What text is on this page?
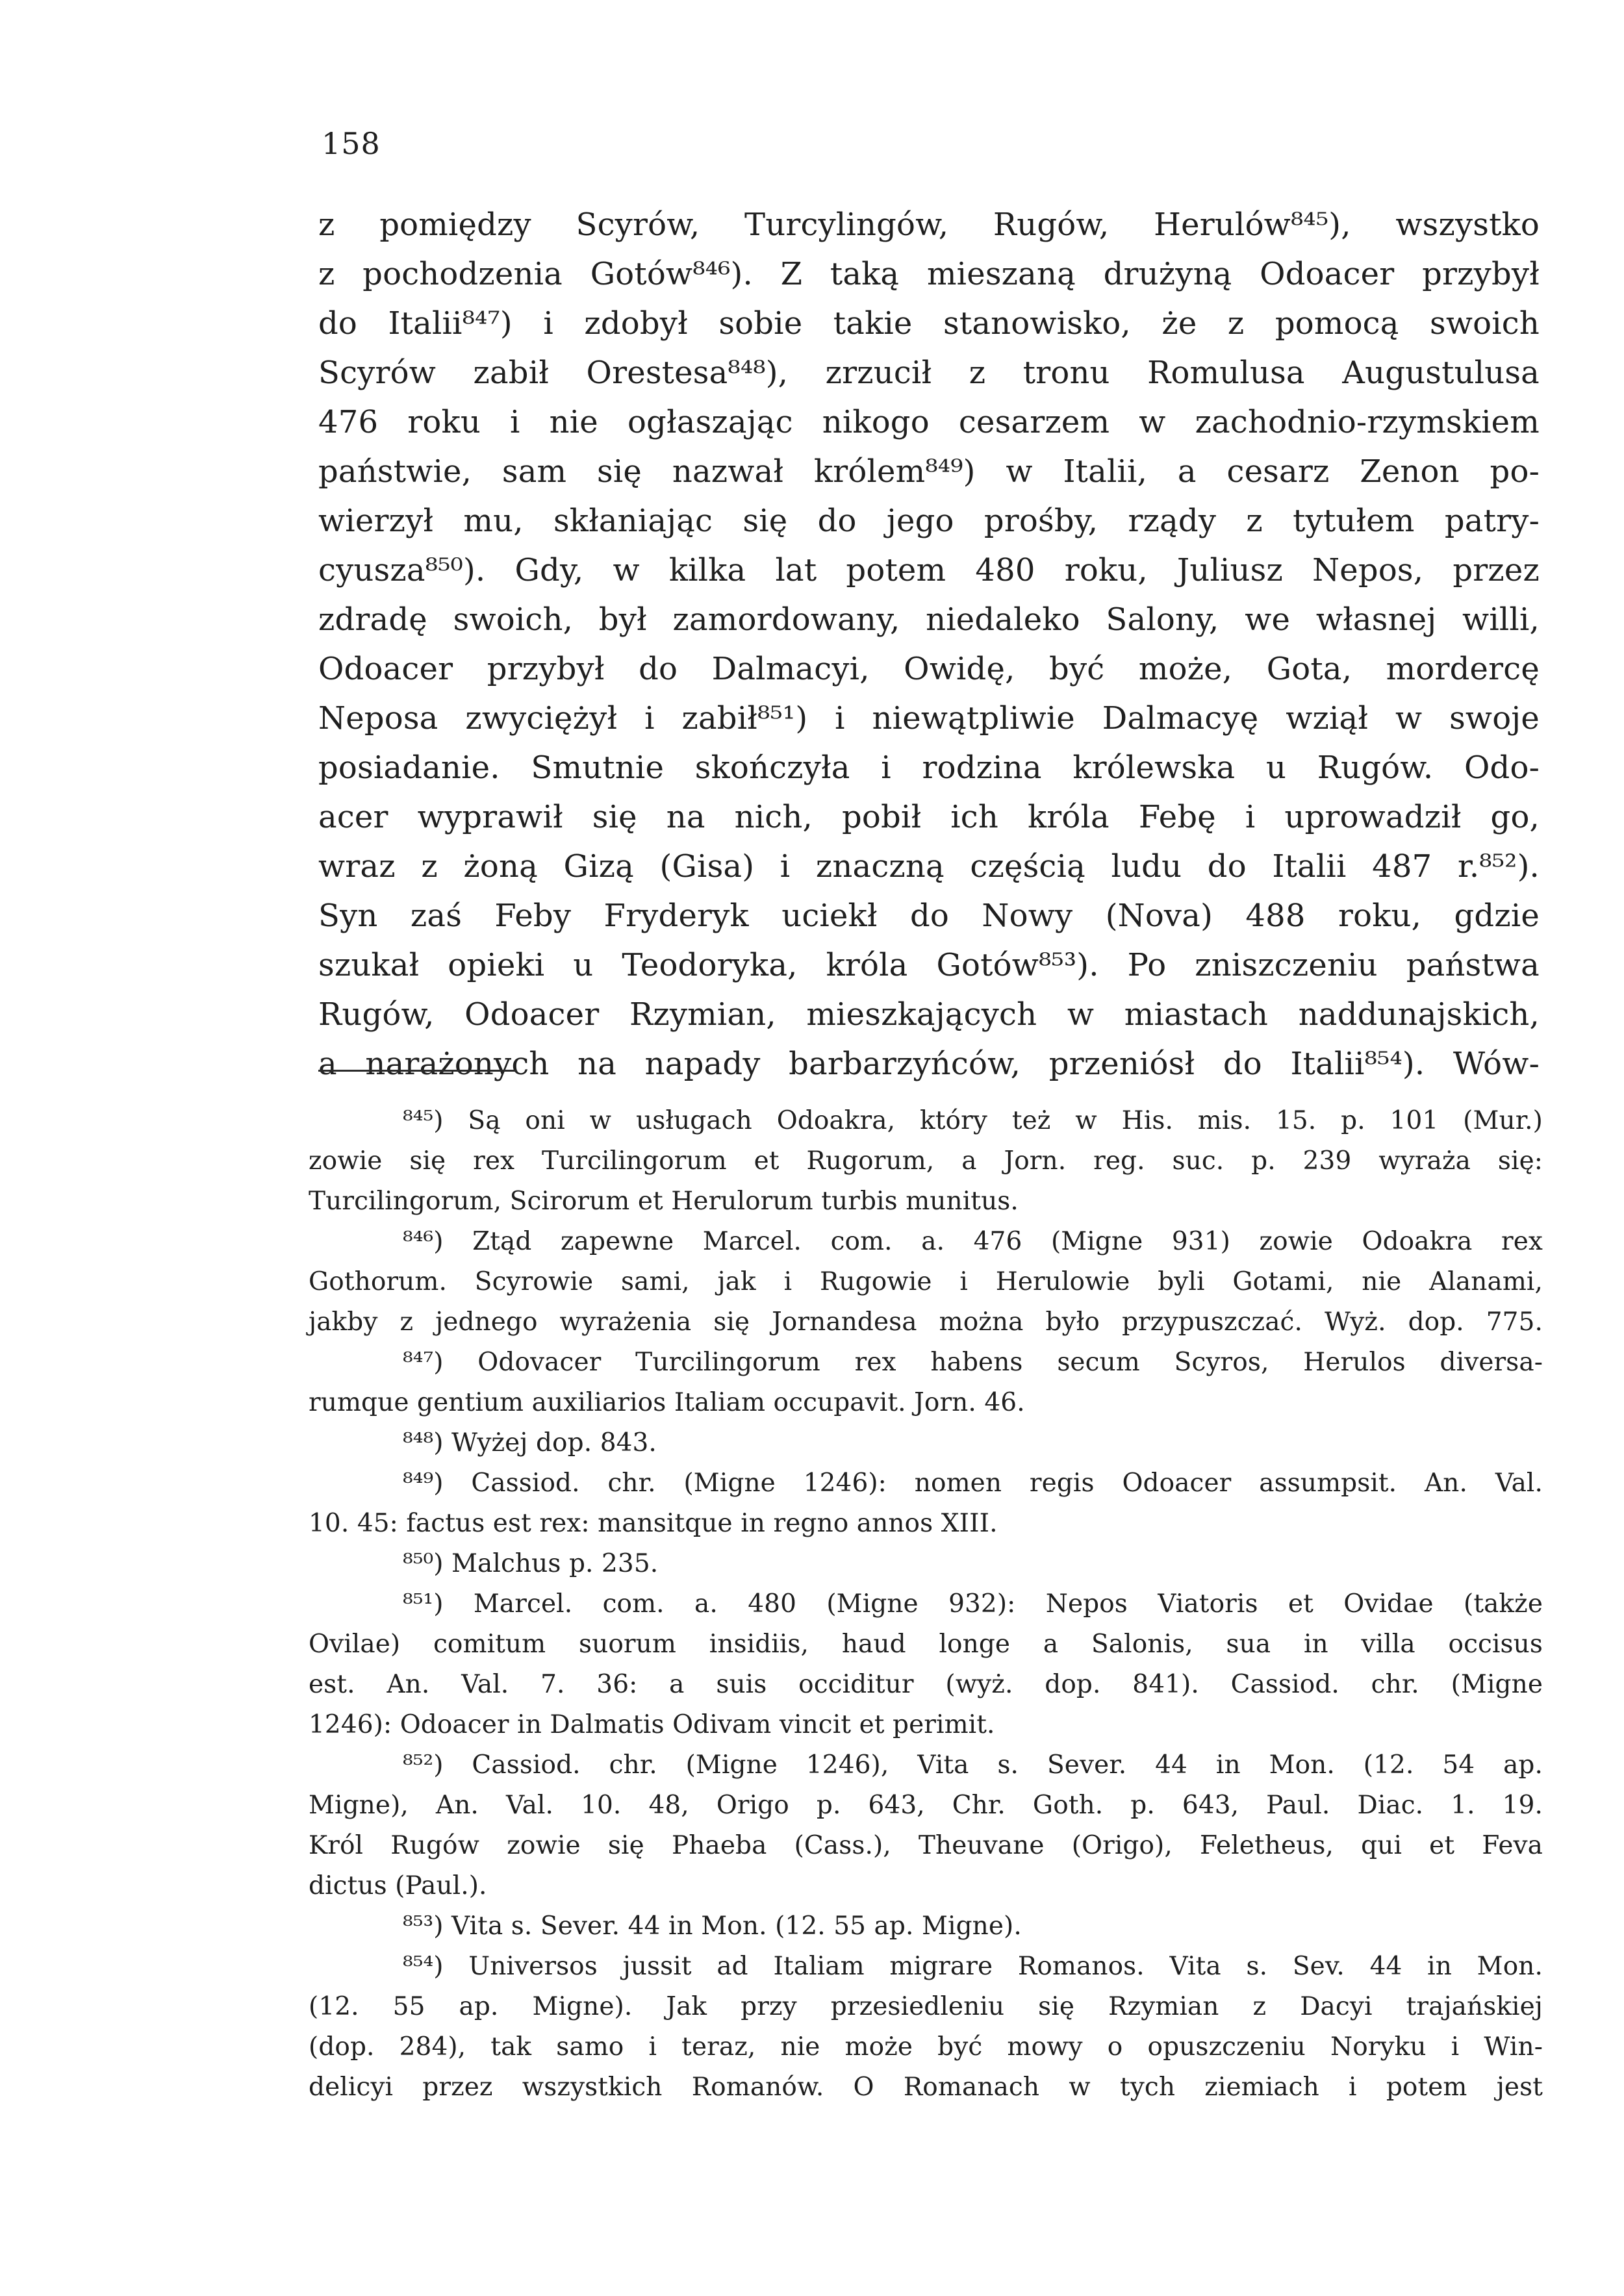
158
z pomiędzy Scyrów, Turcylingów, Rugów, Herulów⁸⁴⁵), wszystko
z pochodzenia Gotów⁸⁴⁶). Z taką mieszaną drużyną Odoacer przybył
do Italii⁸⁴⁷) i zdobył sobie takie stanowisko, że z pomocą swoich
Scyrów zabił Orestesa⁸⁴⁸), zrzucił z tronu Romulusa Augustulusa
476 roku i nie ogłaszając nikogo cesarzem w zachodnio-rzymskiem
państwie, sam się nazwał królem⁸⁴⁹) w Italii, a cesarz Zenon po-
wierzył mu, skłaniając się do jego prośby, rządy z tytułem patry-
cyusza⁸⁵⁰). Gdy, w kilka lat potem 480 roku, Juliusz Nepos, przez
zdradę swoich, był zamordowany, niedaleko Salony, we własnej willi,
Odoacer przybył do Dalmacyi, Owidę, być może, Gota, mordercę
Neposa zwyciężył i zabił⁸⁵¹) i niewątpliwie Dalmacyę wziął w swoje
posiadanie. Smutnie skończyła i rodzina królewska u Rugów. Odo-
acer wyprawił się na nich, pobił ich króla Febę i uprowadził go,
wraz z żoną Gizą (Gisa) i znaczną częścią ludu do Italii 487 r.⁸⁵²).
Syn zaś Feby Fryderyk uciekł do Nowy (Nova) 488 roku, gdzie
szukał opieki u Teodoryka, króla Gotów⁸⁵³). Po zniszczeniu państwa
Rugów, Odoacer Rzymian, mieszkających w miastach naddunajskich,
a narażonych na napady barbarzyńców, przeniósł do Italii⁸⁵⁴). Wów-
⁸⁴⁵) Są oni w usługach Odoakra, który też w His. mis. 15. p. 101 (Mur.)
zowie się rex Turcilingorum et Rugorum, a Jorn. reg. suc. p. 239 wyraża się:
Turcilingorum, Scirorum et Herulorum turbis munitus.
⁸⁴⁶) Ztąd zapewne Marcel. com. a. 476 (Migne 931) zowie Odoakra rex
Gothorum. Scyrowie sami, jak i Rugowie i Herulowie byli Gotami, nie Alanami,
jakby z jednego wyrażenia się Jornandesa można było przypuszczać. Wyż. dop. 775.
⁸⁴⁷) Odovacer Turcilingorum rex habens secum Scyros, Herulos diversa-
rumque gentium auxiliarios Italiam occupavit. Jorn. 46.
⁸⁴⁸) Wyżej dop. 843.
⁸⁴⁹) Cassiod. chr. (Migne 1246): nomen regis Odoacer assumpsit. An. Val.
10. 45: factus est rex: mansitque in regno annos XIII.
⁸⁵⁰) Malchus p. 235.
⁸⁵¹) Marcel. com. a. 480 (Migne 932): Nepos Viatoris et Ovidae (także
Ovilae) comitum suorum insidiis, haud longe a Salonis, sua in villa occisus
est. An. Val. 7. 36: a suis occiditur (wyż. dop. 841). Cassiod. chr. (Migne
1246): Odoacer in Dalmatis Odivam vincit et perimit.
⁸⁵²) Cassiod. chr. (Migne 1246), Vita s. Sever. 44 in Mon. (12. 54 ap.
Migne), An. Val. 10. 48, Origo p. 643, Chr. Goth. p. 643, Paul. Diac. 1. 19.
Król Rugów zowie się Phaeba (Cass.), Theuvane (Origo), Feletheus, qui et Feva
dictus (Paul.).
⁸⁵³) Vita s. Sever. 44 in Mon. (12. 55 ap. Migne).
⁸⁵⁴) Universos jussit ad Italiam migrare Romanos. Vita s. Sev. 44 in Mon.
(12. 55 ap. Migne). Jak przy przesiedleniu się Rzymian z Dacyi trajańskiej
(dop. 284), tak samo i teraz, nie może być mowy o opuszczeniu Noryku i Win-
delicyi przez wszystkich Romanów. O Romanach w tych ziemiach i potem jest
